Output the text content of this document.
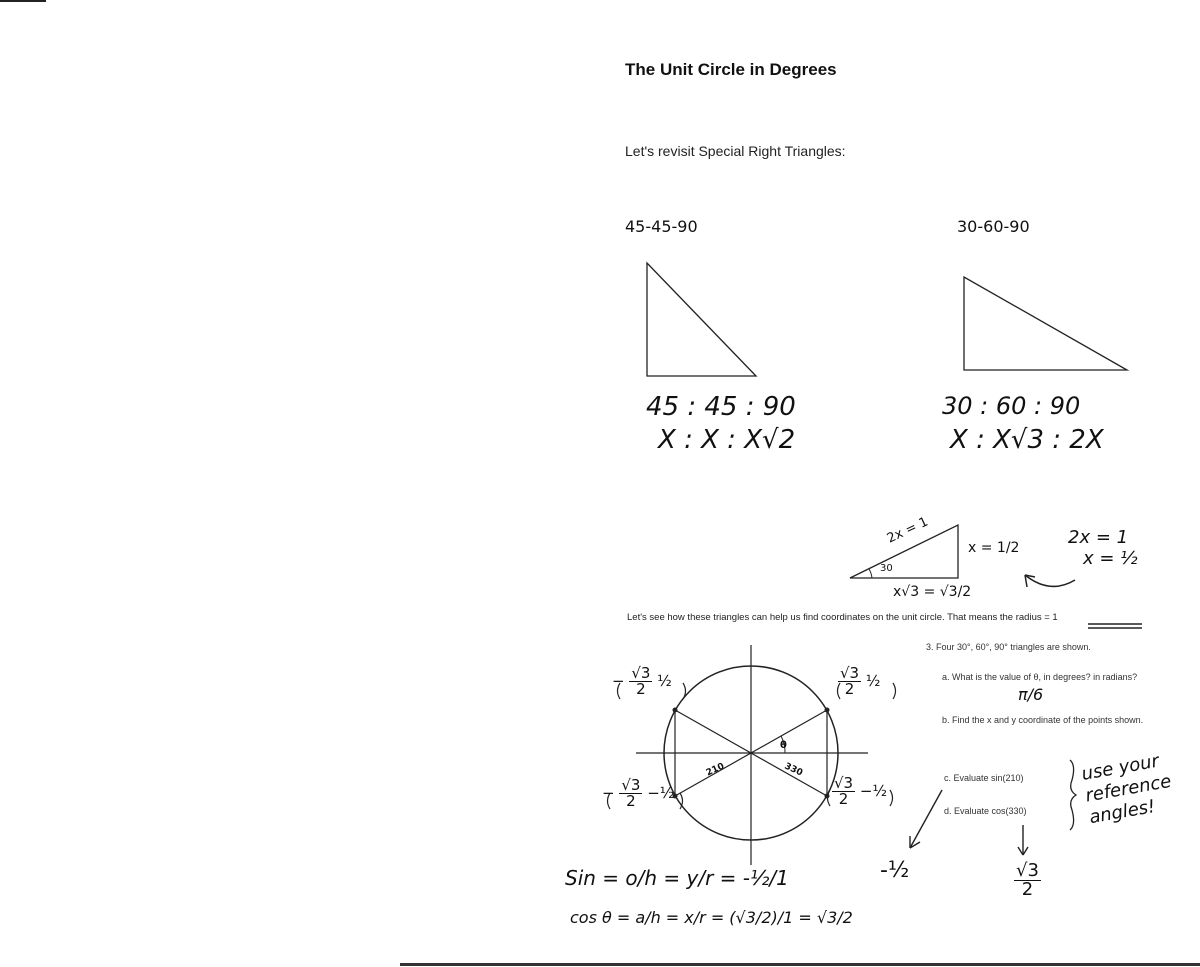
The Unit Circle in Degrees
Let's revisit Special Right Triangles:
45-45-90	30-60-90
45 : 45 : 90
X : X : X√2
30 : 60 : 90
X : X√3 : 2X
2x = 1
30
x√3 = √3/2
x = 1/2	2x = 1
x = ½
Let's see how these triangles can help us find coordinates on the unit circle. That means the radius = 1
3. Four 30°, 60°, 90° triangles are shown.
a. What is the value of θ, in degrees? in radians?
π/6
b. Find the x and y coordinate of the points shown.
c. Evaluate sin(210)
d. Evaluate cos(330)
use your reference angles!
-½	$\frac{√3}{2}$
− $\frac{√3}{2}$ ½	$\frac{√3}{2}$ ½
− $\frac{√3}{2}$ −½	$\frac{√3}{2}$ −½
θ
210	330
Sin = o/h = y/r = -½/1
cos θ = a/h = x/r = (√3/2)/1 = √3/2
